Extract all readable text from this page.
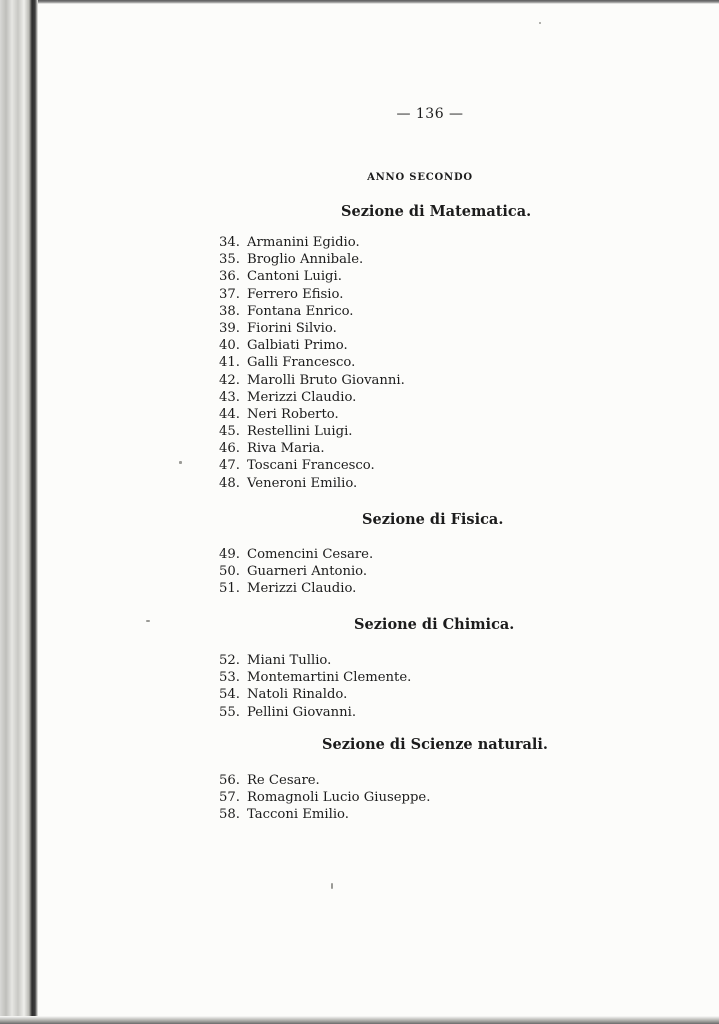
— 136 —
ANNO SECONDO
Sezione di Matematica.
34. Armanini Egidio.
35. Broglio Annibale.
36. Cantoni Luigi.
37. Ferrero Efisio.
38. Fontana Enrico.
39. Fiorini Silvio.
40. Galbiati Primo.
41. Galli Francesco.
42. Marolli Bruto Giovanni.
43. Merizzi Claudio.
44. Neri Roberto.
45. Restellini Luigi.
46. Riva Maria.
47. Toscani Francesco.
48. Veneroni Emilio.
Sezione di Fisica.
49. Comencini Cesare.
50. Guarneri Antonio.
51. Merizzi Claudio.
Sezione di Chimica.
52. Miani Tullio.
53. Montemartini Clemente.
54. Natoli Rinaldo.
55. Pellini Giovanni.
Sezione di Scienze naturali.
56. Re Cesare.
57. Romagnoli Lucio Giuseppe.
58. Tacconi Emilio.
